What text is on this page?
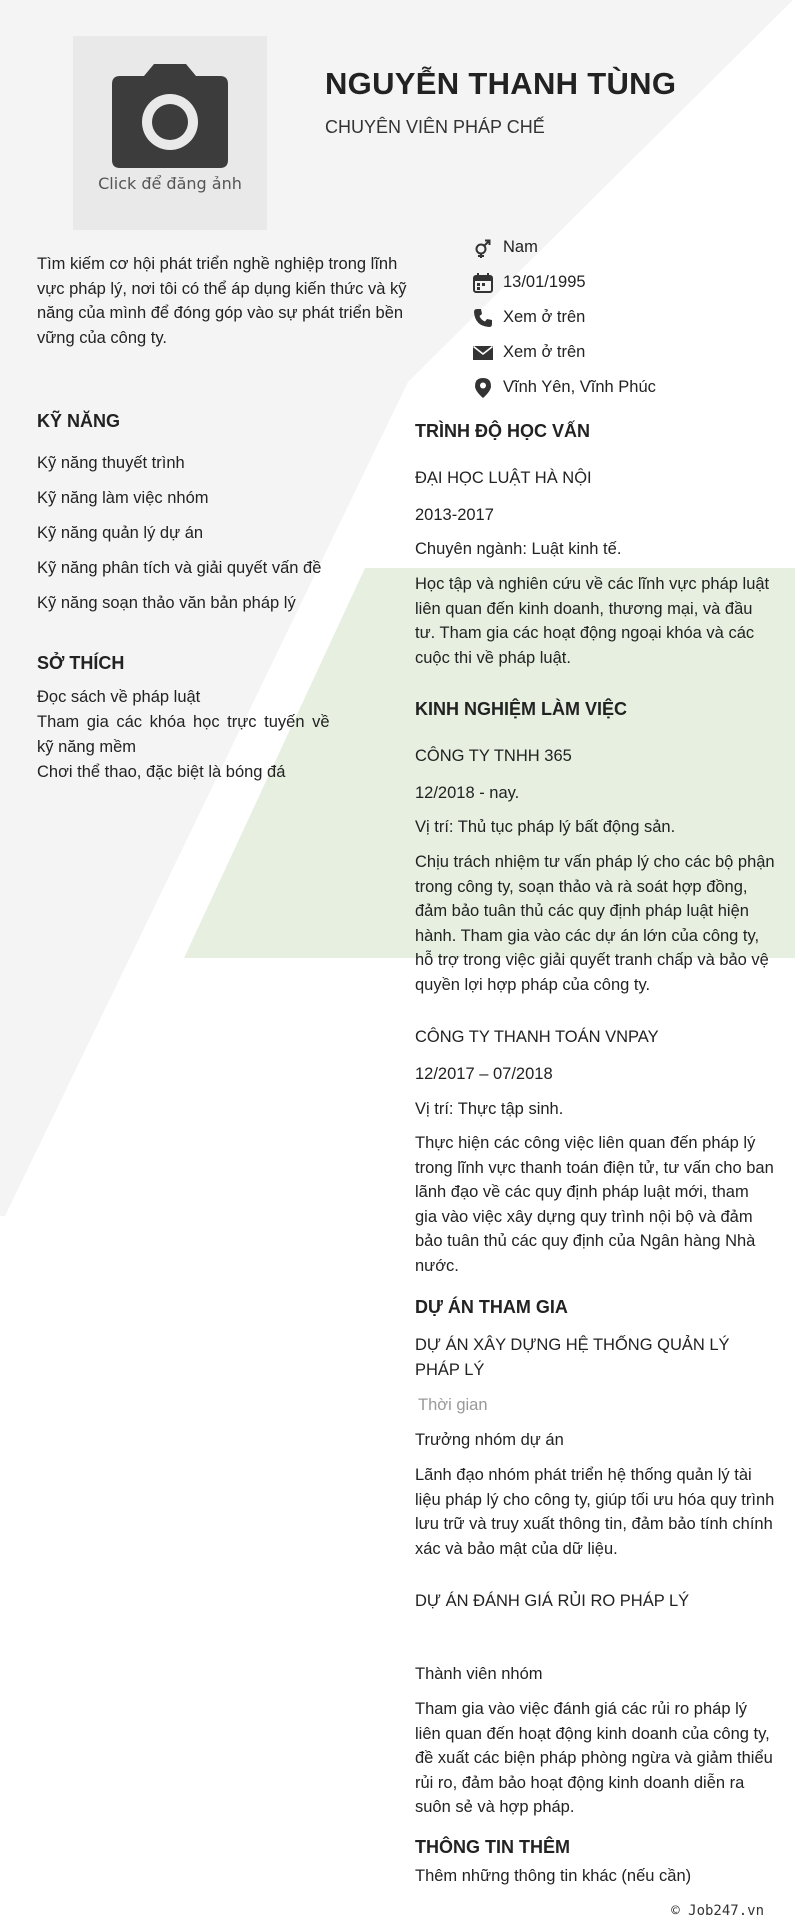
Click để đăng ảnh
NGUYỄN THANH TÙNG
CHUYÊN VIÊN PHÁP CHẾ
Tìm kiếm cơ hội phát triển nghề nghiệp trong lĩnh vực pháp lý, nơi tôi có thể áp dụng kiến thức và kỹ năng của mình để đóng góp vào sự phát triển bền vững của công ty.
Nam
13/01/1995
Xem ở trên
Xem ở trên
Vĩnh Yên, Vĩnh Phúc
KỸ NĂNG
Kỹ năng thuyết trình
Kỹ năng làm việc nhóm
Kỹ năng quản lý dự án
Kỹ năng phân tích và giải quyết vấn đề
Kỹ năng soạn thảo văn bản pháp lý
SỞ THÍCH
Đọc sách về pháp luật
Tham gia các khóa học trực tuyến về
kỹ năng mềm
Chơi thể thao, đặc biệt là bóng đá
TRÌNH ĐỘ HỌC VẤN
ĐẠI HỌC LUẬT HÀ NỘI
2013-2017
Chuyên ngành: Luật kinh tế.
Học tập và nghiên cứu về các lĩnh vực pháp luật liên quan đến kinh doanh, thương mại, và đầu tư. Tham gia các hoạt động ngoại khóa và các cuộc thi về pháp luật.
KINH NGHIỆM LÀM VIỆC
CÔNG TY TNHH 365
12/2018 - nay.
Vị trí: Thủ tục pháp lý bất động sản.
Chịu trách nhiệm tư vấn pháp lý cho các bộ phận trong công ty, soạn thảo và rà soát hợp đồng, đảm bảo tuân thủ các quy định pháp luật hiện hành. Tham gia vào các dự án lớn của công ty, hỗ trợ trong việc giải quyết tranh chấp và bảo vệ quyền lợi hợp pháp của công ty.
CÔNG TY THANH TOÁN VNPAY
12/2017 – 07/2018
Vị trí: Thực tập sinh.
Thực hiện các công việc liên quan đến pháp lý trong lĩnh vực thanh toán điện tử, tư vấn cho ban lãnh đạo về các quy định pháp luật mới, tham gia vào việc xây dựng quy trình nội bộ và đảm bảo tuân thủ các quy định của Ngân hàng Nhà nước.
DỰ ÁN THAM GIA
DỰ ÁN XÂY DỰNG HỆ THỐNG QUẢN LÝ PHÁP LÝ
Thời gian
Trưởng nhóm dự án
Lãnh đạo nhóm phát triển hệ thống quản lý tài liệu pháp lý cho công ty, giúp tối ưu hóa quy trình lưu trữ và truy xuất thông tin, đảm bảo tính chính xác và bảo mật của dữ liệu.
DỰ ÁN ĐÁNH GIÁ RỦI RO PHÁP LÝ
Thành viên nhóm
Tham gia vào việc đánh giá các rủi ro pháp lý liên quan đến hoạt động kinh doanh của công ty, đề xuất các biện pháp phòng ngừa và giảm thiểu rủi ro, đảm bảo hoạt động kinh doanh diễn ra suôn sẻ và hợp pháp.
THÔNG TIN THÊM
Thêm những thông tin khác (nếu cần)
© Job247.vn
